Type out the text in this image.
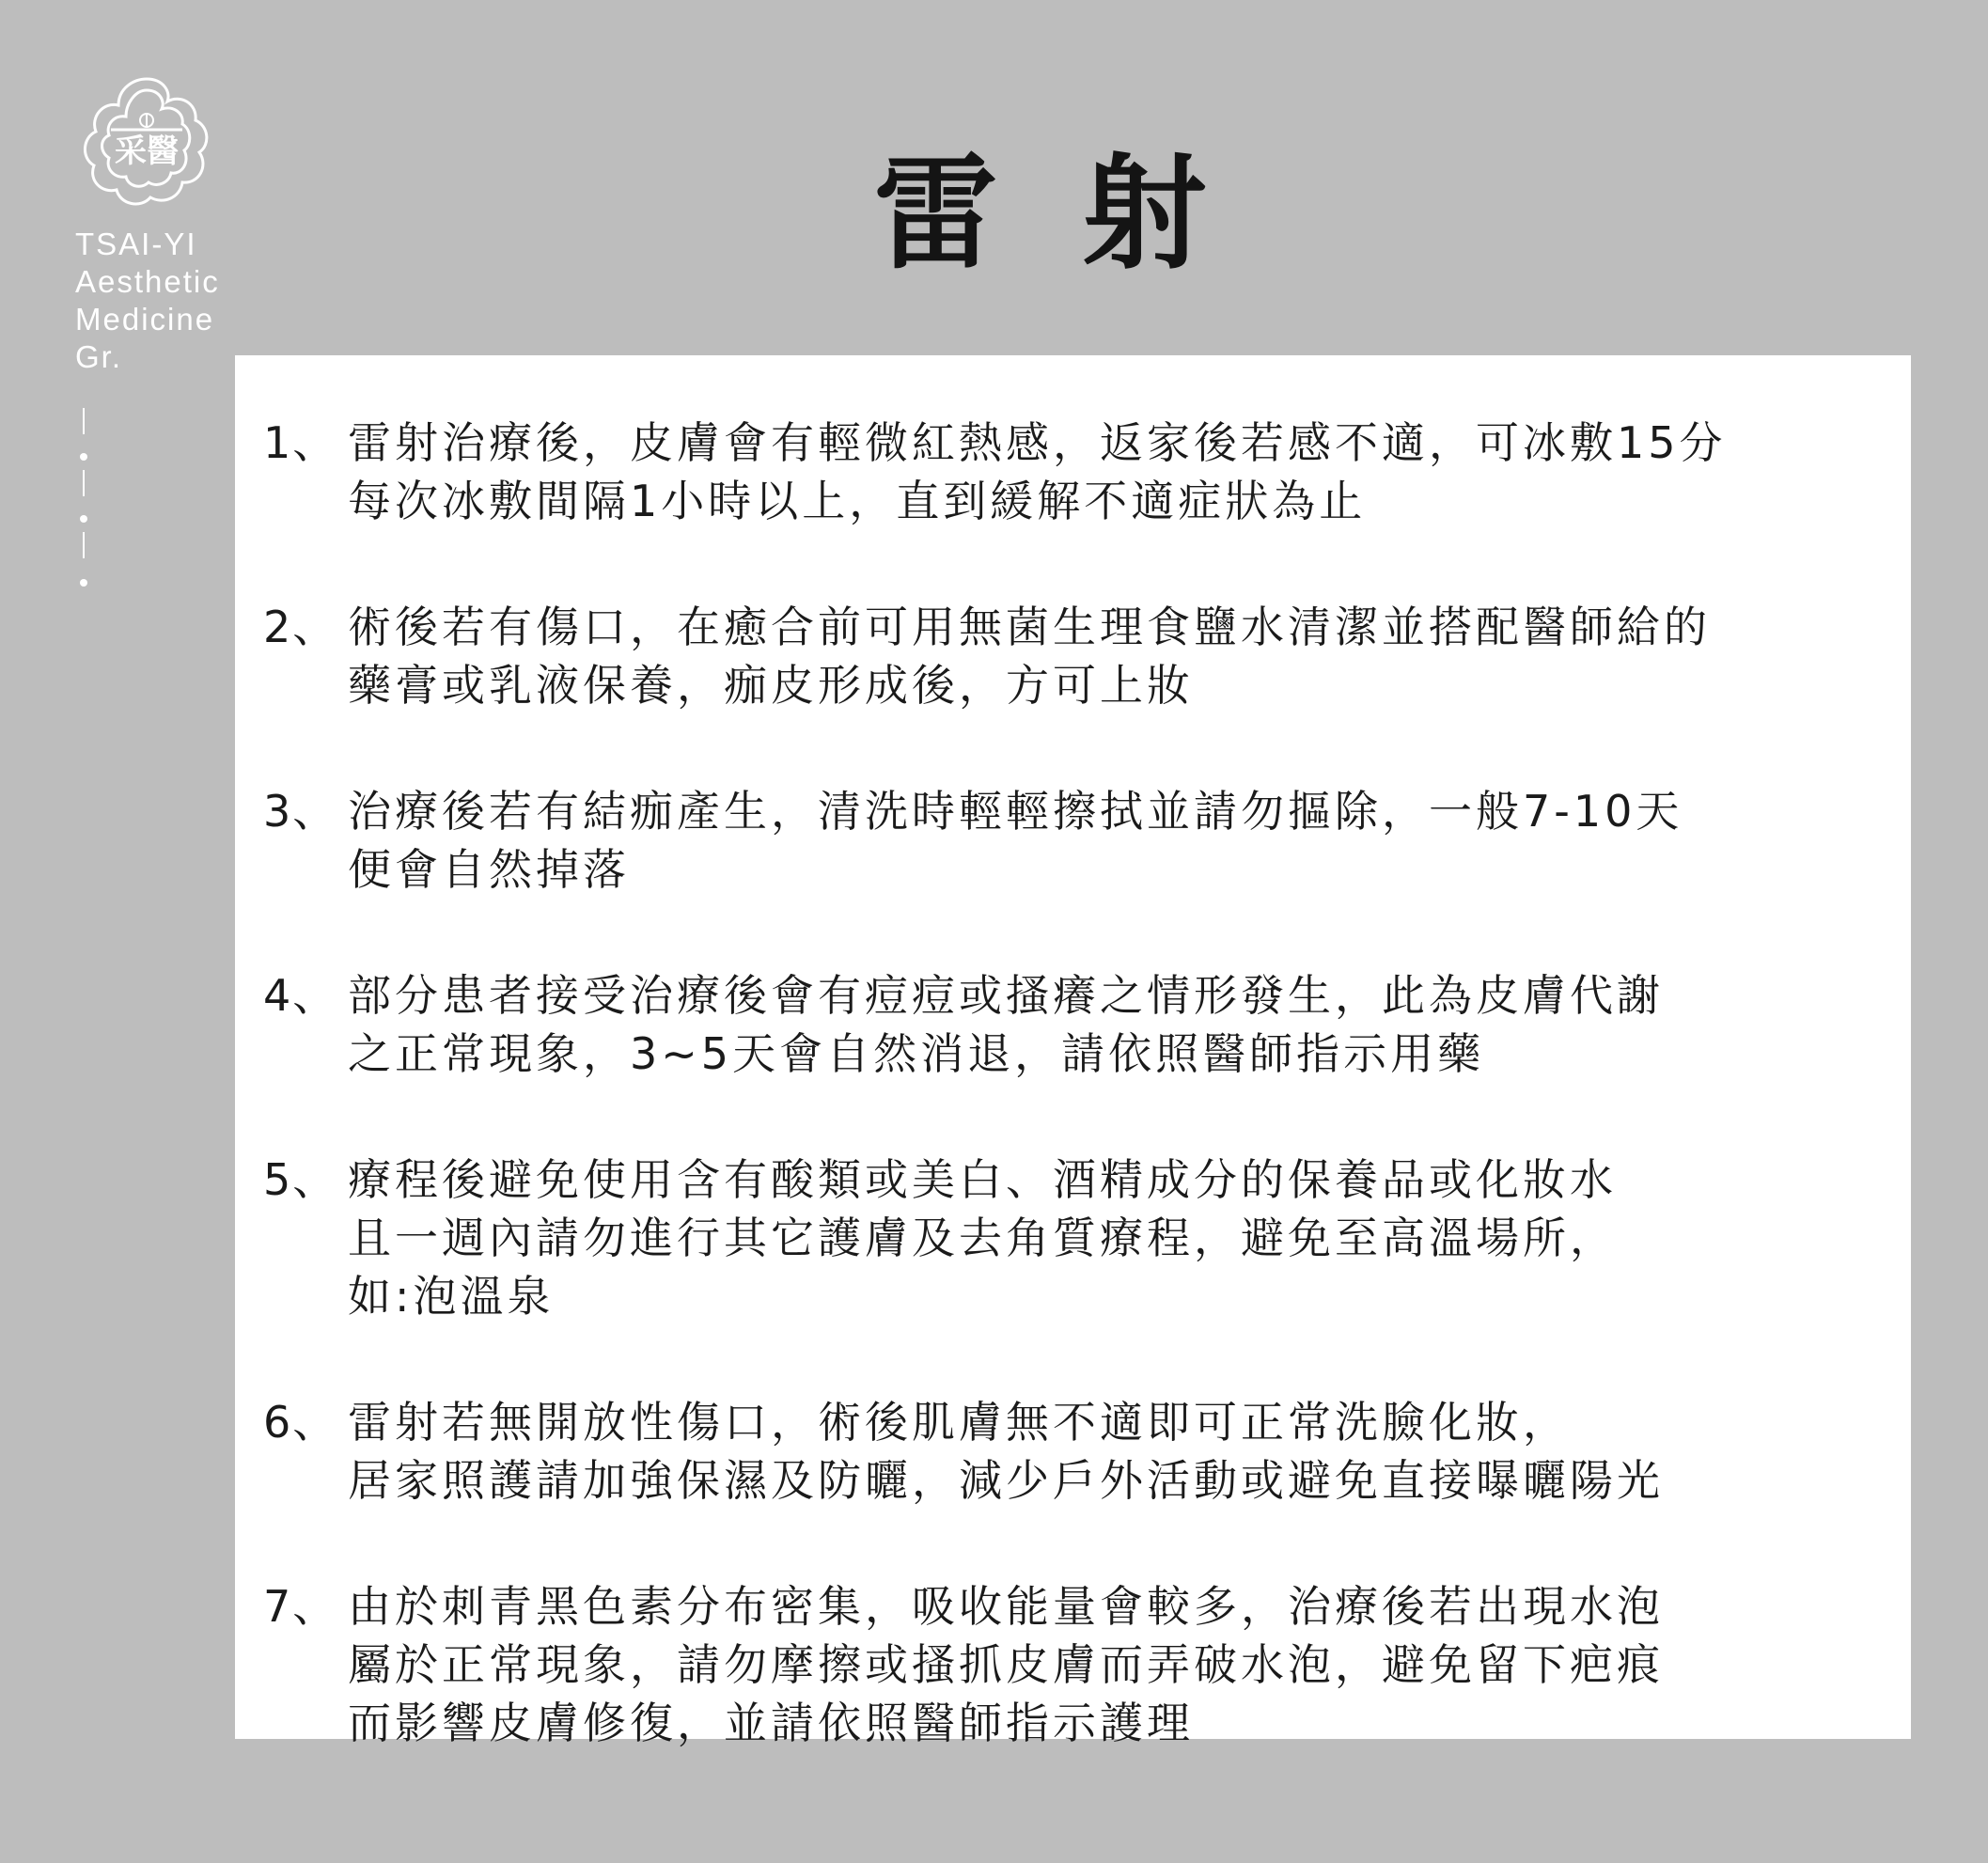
采醫
TSAI-YI
Aesthetic
Medicine
Gr.
雷 射
1、 雷射治療後，皮膚會有輕微紅熱感，返家後若感不適，可冰敷15分
每次冰敷間隔1小時以上，直到緩解不適症狀為止
2、 術後若有傷口，在癒合前可用無菌生理食鹽水清潔並搭配醫師給的
藥膏或乳液保養，痂皮形成後，方可上妝
3、 治療後若有結痂產生，清洗時輕輕擦拭並請勿摳除，一般7-10天
便會自然掉落
4、 部分患者接受治療後會有痘痘或搔癢之情形發生，此為皮膚代謝
之正常現象，3~5天會自然消退，請依照醫師指示用藥
5、 療程後避免使用含有酸類或美白、酒精成分的保養品或化妝水
且一週內請勿進行其它護膚及去角質療程，避免至高溫場所，
如:泡溫泉
6、 雷射若無開放性傷口，術後肌膚無不適即可正常洗臉化妝，
居家照護請加強保濕及防曬，減少戶外活動或避免直接曝曬陽光
7、 由於刺青黑色素分布密集，吸收能量會較多，治療後若出現水泡
屬於正常現象，請勿摩擦或搔抓皮膚而弄破水泡，避免留下疤痕
而影響皮膚修復，並請依照醫師指示護理
